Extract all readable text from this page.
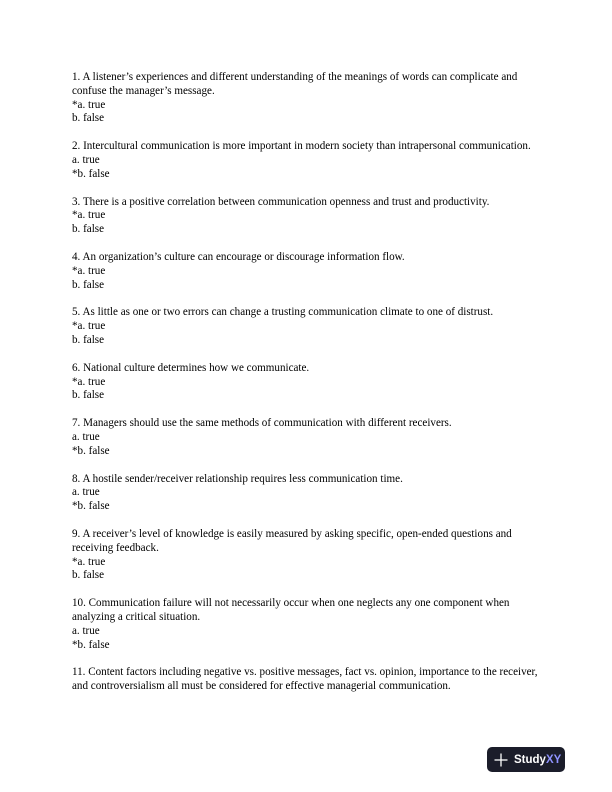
1. A listener’s experiences and different understanding of the meanings of words can complicate and confuse the manager’s message.

*a. true

b. false

2. Intercultural communication is more important in modern society than intrapersonal communication.

a. true

*b. false

3. There is a positive correlation between communication openness and trust and productivity.

*a. true

b. false

4. An organization’s culture can encourage or discourage information flow.

*a. true

b. false

5. As little as one or two errors can change a trusting communication climate to one of distrust.

*a. true

b. false

6. National culture determines how we communicate.

*a. true

b. false

7. Managers should use the same methods of communication with different receivers.

a. true

*b. false

8. A hostile sender/receiver relationship requires less communication time.

a. true

*b. false

9. A receiver’s level of knowledge is easily measured by asking specific, open-ended questions and receiving feedback.

*a. true

b. false

10. Communication failure will not necessarily occur when one neglects any one component when analyzing a critical situation.

a. true

*b. false

11. Content factors including negative vs. positive messages, fact vs. opinion, importance to the receiver, and controversialism all must be considered for effective managerial communication.

StudyXY
